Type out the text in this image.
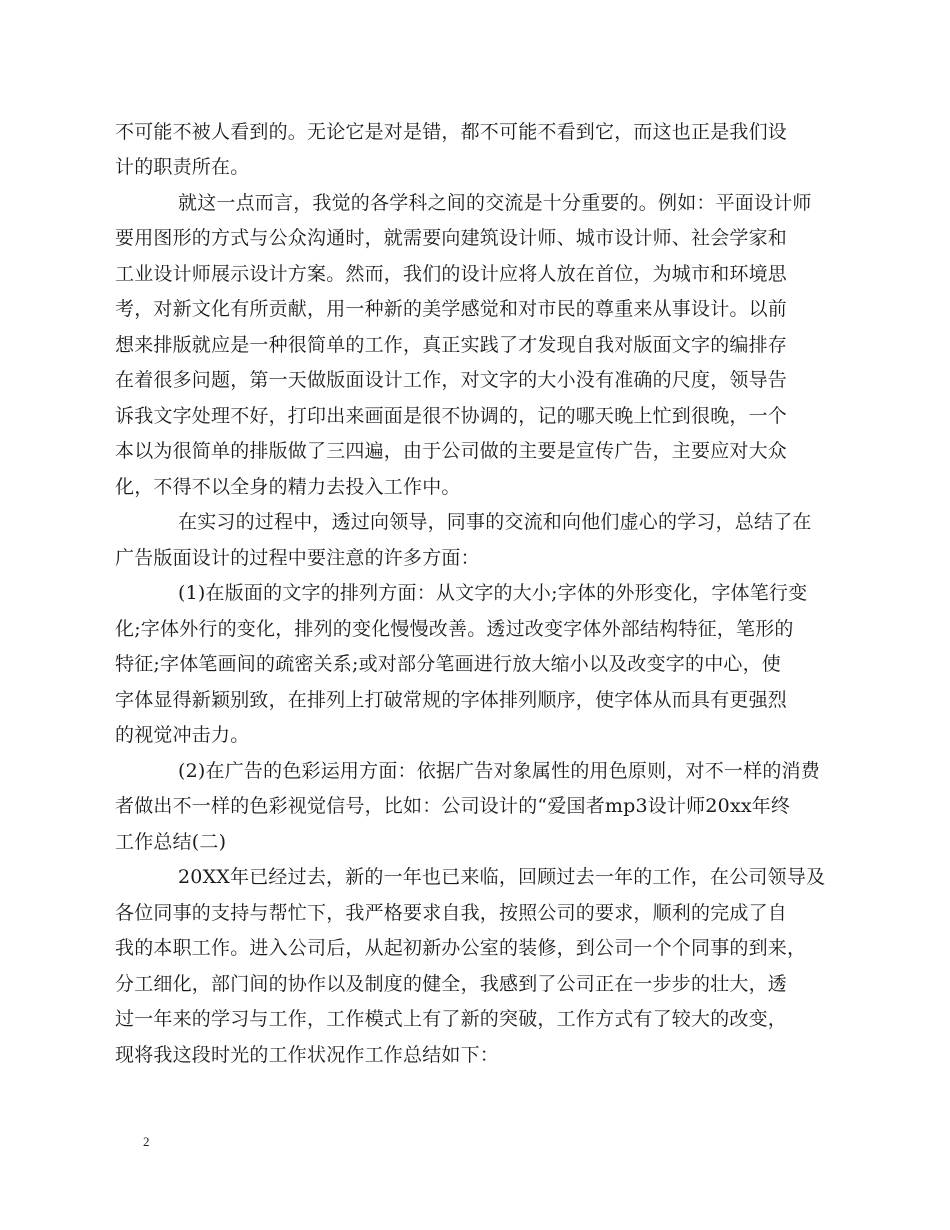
不可能不被人看到的。无论它是对是错，都不可能不看到它，而这也正是我们设
计的职责所在。
就这一点而言，我觉的各学科之间的交流是十分重要的。例如：平面设计师
要用图形的方式与公众沟通时，就需要向建筑设计师、城市设计师、社会学家和
工业设计师展示设计方案。然而，我们的设计应将人放在首位，为城市和环境思
考，对新文化有所贡献，用一种新的美学感觉和对市民的尊重来从事设计。以前
想来排版就应是一种很简单的工作，真正实践了才发现自我对版面文字的编排存
在着很多问题，第一天做版面设计工作，对文字的大小没有准确的尺度，领导告
诉我文字处理不好，打印出来画面是很不协调的，记的哪天晚上忙到很晚，一个
本以为很简单的排版做了三四遍，由于公司做的主要是宣传广告，主要应对大众
化，不得不以全身的精力去投入工作中。
在实习的过程中，透过向领导，同事的交流和向他们虚心的学习，总结了在
广告版面设计的过程中要注意的许多方面：
(1)在版面的文字的排列方面：从文字的大小;字体的外形变化，字体笔行变
化;字体外行的变化，排列的变化慢慢改善。透过改变字体外部结构特征，笔形的
特征;字体笔画间的疏密关系;或对部分笔画进行放大缩小以及改变字的中心，使
字体显得新颖别致，在排列上打破常规的字体排列顺序，使字体从而具有更强烈
的视觉冲击力。
(2)在广告的色彩运用方面：依据广告对象属性的用色原则，对不一样的消费
者做出不一样的色彩视觉信号，比如：公司设计的“爱国者mp3设计师20xx年终
工作总结(二)
20XX年已经过去，新的一年也已来临，回顾过去一年的工作，在公司领导及
各位同事的支持与帮忙下，我严格要求自我，按照公司的要求，顺利的完成了自
我的本职工作。进入公司后，从起初新办公室的装修，到公司一个个同事的到来，
分工细化，部门间的协作以及制度的健全，我感到了公司正在一步步的壮大，透
过一年来的学习与工作，工作模式上有了新的突破，工作方式有了较大的改变，
现将我这段时光的工作状况作工作总结如下：
2
